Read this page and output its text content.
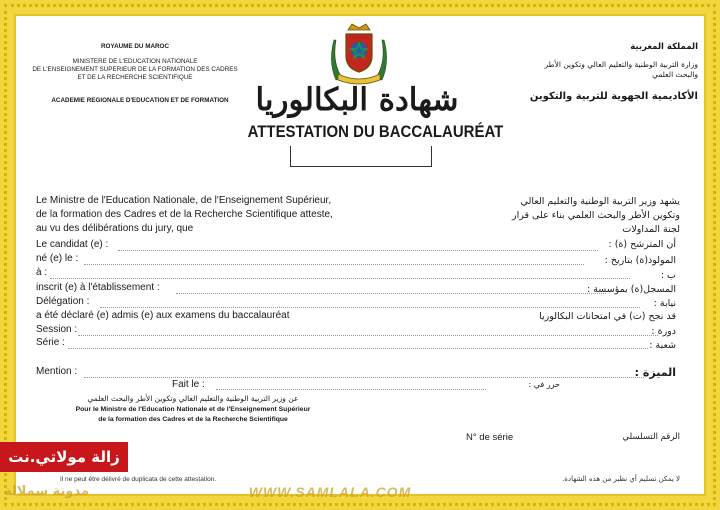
ROYAUME DU MAROC
MINISTERE DE L'EDUCATION NATIONALE
DE L'ENSEIGNEMENT SUPERIEUR DE LA FORMATION DES CADRES
ET DE LA RECHERCHE SCIENTIFIQUE
ACADEMIE REGIONALE D'EDUCATION ET DE FORMATION
المملكة المغربية
وزارة التربية الوطنية والتعليم العالي وتكوين الأطر
والبحث العلمي
الأكاديمية الجهوية للتربية والتكوين
شهادة البكالوريا
ATTESTATION DU BACCALAURÉAT
Le Ministre de l'Education Nationale, de l'Enseignement Supérieur,
de la formation des Cadres et de la Recherche Scientifique atteste,
au vu des délibérations du jury, que
يشهد وزير التربية الوطنية والتعليم العالي
وتكوين الأطر والبحث العلمي بناء على قرار
لجنة المداولات
Le candidat (e) :	أن المترشح (ة) :
né (e) le :	المولود(ة) بتاريخ :
à :	ب :
inscrit (e) à l'établissement :	المسجل(ة) بمؤسسة :
Délégation :	نيابة :
a été déclaré (e) admis (e) aux examens du baccalauréat	قد نجح (ت) في امتحانات البكالوريا
Session :	دورة :
Série :	شعبة :
Mention :	الميزة :
Fait le :	حرر في :
عن وزير التربية الوطنية والتعليم العالي وتكوين الأطر والبحث العلمي
Pour le Ministre de l'Education Nationale et de l'Enseignement Supérieur
de la formation des Cadres et de la Recherche Scientifique
N° de série	الرقم التسلسلي
Il ne peut être délivré de duplicata de cette attestation.	لا يمكن تسليم أي نظير من هذه الشهادة.
زالة مولاتي.نت
WWW.SAMLALA.COM
مدونة سملالة
